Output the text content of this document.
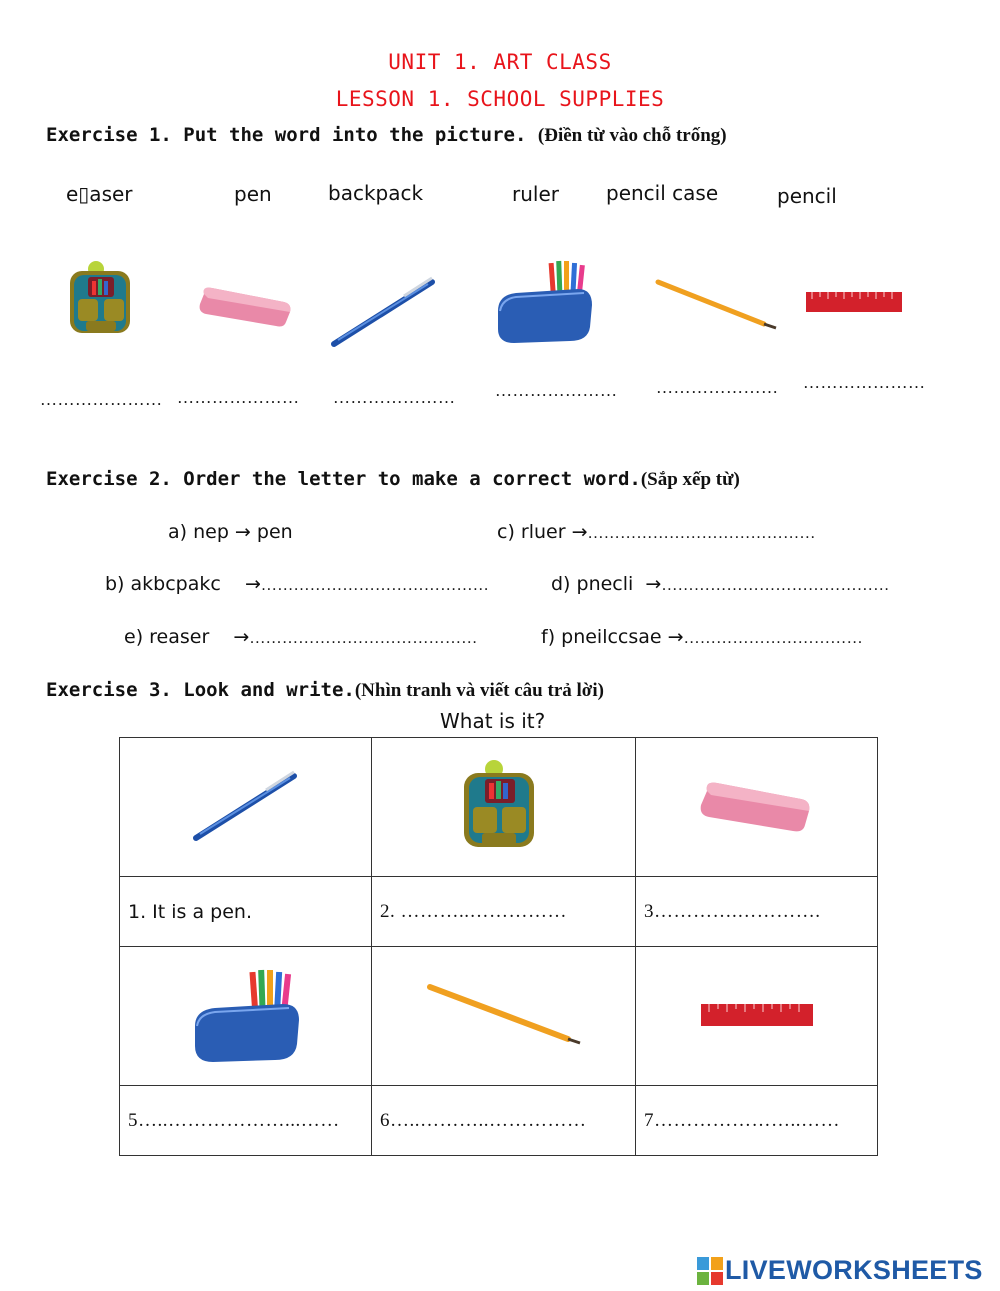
UNIT 1. ART CLASS
LESSON 1. SCHOOL SUPPLIES
Exercise 1. Put the word into the picture. (Điền từ vào chỗ trống)
e▯aser	pen	backpack	ruler pencil case	pencil
………………… ………………… ………………… ………………… ………………… …………………
Exercise 2. Order the letter to make a correct word.(Sắp xếp từ)
a) nep → pen	c) rluer →……………………………………
b) akbcpakc    →……………………………………	d) pnecli  →……………………………………
e) reaser    →……………………………………	f) pneilccsae →……………………………
Exercise 3. Look and write.(Nhìn tranh và viết câu trả lời)
What is it?

1. It is a pen.	2. ………..……………	3………….………….

5…..………………...……	6…..………..……………	7…………………..……
LIVEWORKSHEETS
